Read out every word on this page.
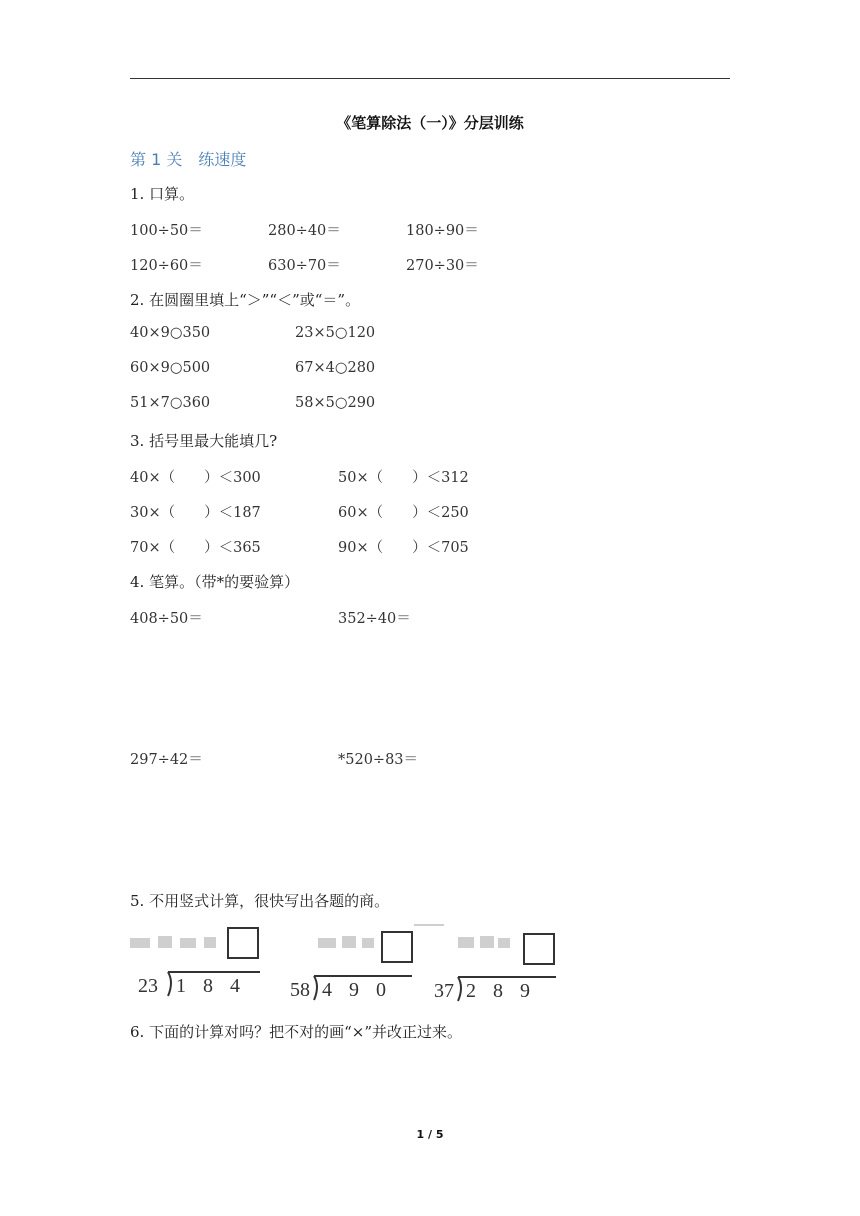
《笔算除法（一）》分层训练
第 1 关　练速度
1. 口算。
100÷50＝	280÷40＝	180÷90＝
120÷60＝	630÷70＝	270÷30＝
2. 在圆圈里填上“＞”“＜”或“＝”。
40×9○350	23×5○120
60×9○500	67×4○280
51×7○360	58×5○290
3. 括号里最大能填几?
40×（　　）＜300	50×（　　）＜312
30×（　　）＜187	60×（　　）＜250
70×（　　）＜365	90×（　　）＜705
4. 笔算。（带*的要验算）
408÷50＝	352÷40＝
297÷42＝	*520÷83＝
5. 不用竖式计算，很快写出各题的商。
23 1 8 4 58 4 9 0 37 2 8 9
6. 下面的计算对吗？把不对的画“×”并改正过来。
1 / 5
